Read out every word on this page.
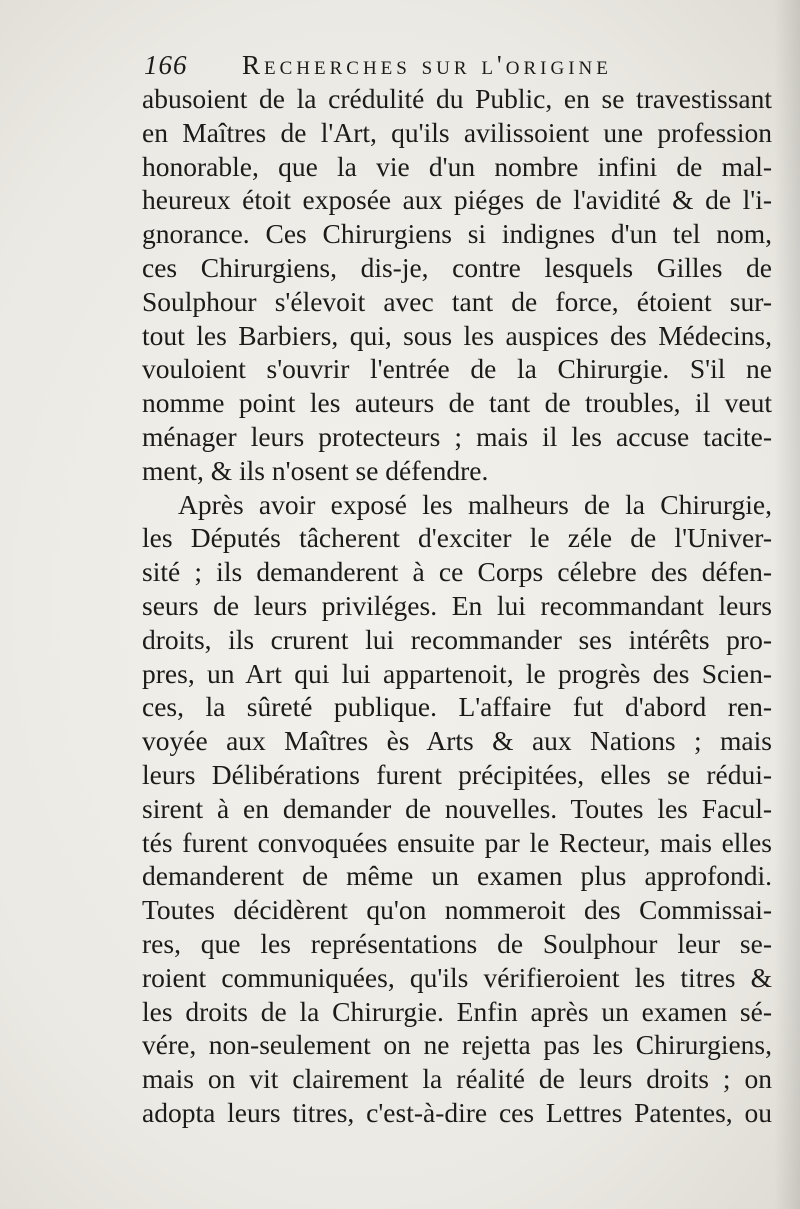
166 Recherches sur l'origine
abusoient de la crédulité du Public, en se travestissant
en Maîtres de l'Art, qu'ils avilissoient une profession
honorable, que la vie d'un nombre infini de mal-
heureux étoit exposée aux piéges de l'avidité & de l'i-
gnorance. Ces Chirurgiens si indignes d'un tel nom,
ces Chirurgiens, dis-je, contre lesquels Gilles de
Soulphour s'élevoit avec tant de force, étoient sur-
tout les Barbiers, qui, sous les auspices des Médecins,
vouloient s'ouvrir l'entrée de la Chirurgie. S'il ne
nomme point les auteurs de tant de troubles, il veut
ménager leurs protecteurs ; mais il les accuse tacite-
ment, & ils n'osent se défendre.
Après avoir exposé les malheurs de la Chirurgie,
les Députés tâcherent d'exciter le zéle de l'Univer-
sité ; ils demanderent à ce Corps célebre des défen-
seurs de leurs priviléges. En lui recommandant leurs
droits, ils crurent lui recommander ses intérêts pro-
pres, un Art qui lui appartenoit, le progrès des Scien-
ces, la sûreté publique. L'affaire fut d'abord ren-
voyée aux Maîtres ès Arts & aux Nations ; mais
leurs Délibérations furent précipitées, elles se rédui-
sirent à en demander de nouvelles. Toutes les Facul-
tés furent convoquées ensuite par le Recteur, mais elles
demanderent de même un examen plus approfondi.
Toutes décidèrent qu'on nommeroit des Commissai-
res, que les représentations de Soulphour leur se-
roient communiquées, qu'ils vérifieroient les titres &
les droits de la Chirurgie. Enfin après un examen sé-
vére, non-seulement on ne rejetta pas les Chirurgiens,
mais on vit clairement la réalité de leurs droits ; on
adopta leurs titres, c'est-à-dire ces Lettres Patentes, ou
